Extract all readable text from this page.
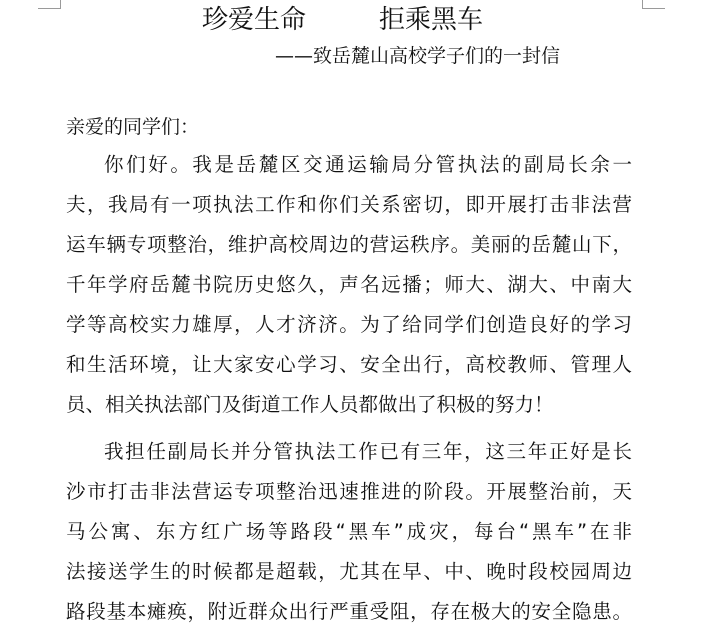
珍爱生命	拒乘黑车
——致岳麓山高校学子们的一封信
亲爱的同学们：
你们好。我是岳麓区交通运输局分管执法的副局长余一
夫，我局有一项执法工作和你们关系密切，即开展打击非法营
运车辆专项整治，维护高校周边的营运秩序。美丽的岳麓山下，
千年学府岳麓书院历史悠久，声名远播；师大、湖大、中南大
学等高校实力雄厚，人才济济。为了给同学们创造良好的学习
和生活环境，让大家安心学习、安全出行，高校教师、管理人
员、相关执法部门及街道工作人员都做出了积极的努力！
我担任副局长并分管执法工作已有三年，这三年正好是长
沙市打击非法营运专项整治迅速推进的阶段。开展整治前，天
马公寓、东方红广场等路段“黑车”成灾，每台“黑车”在非
法接送学生的时候都是超载，尤其在早、中、晚时段校园周边
路段基本瘫痪，附近群众出行严重受阻，存在极大的安全隐患。
